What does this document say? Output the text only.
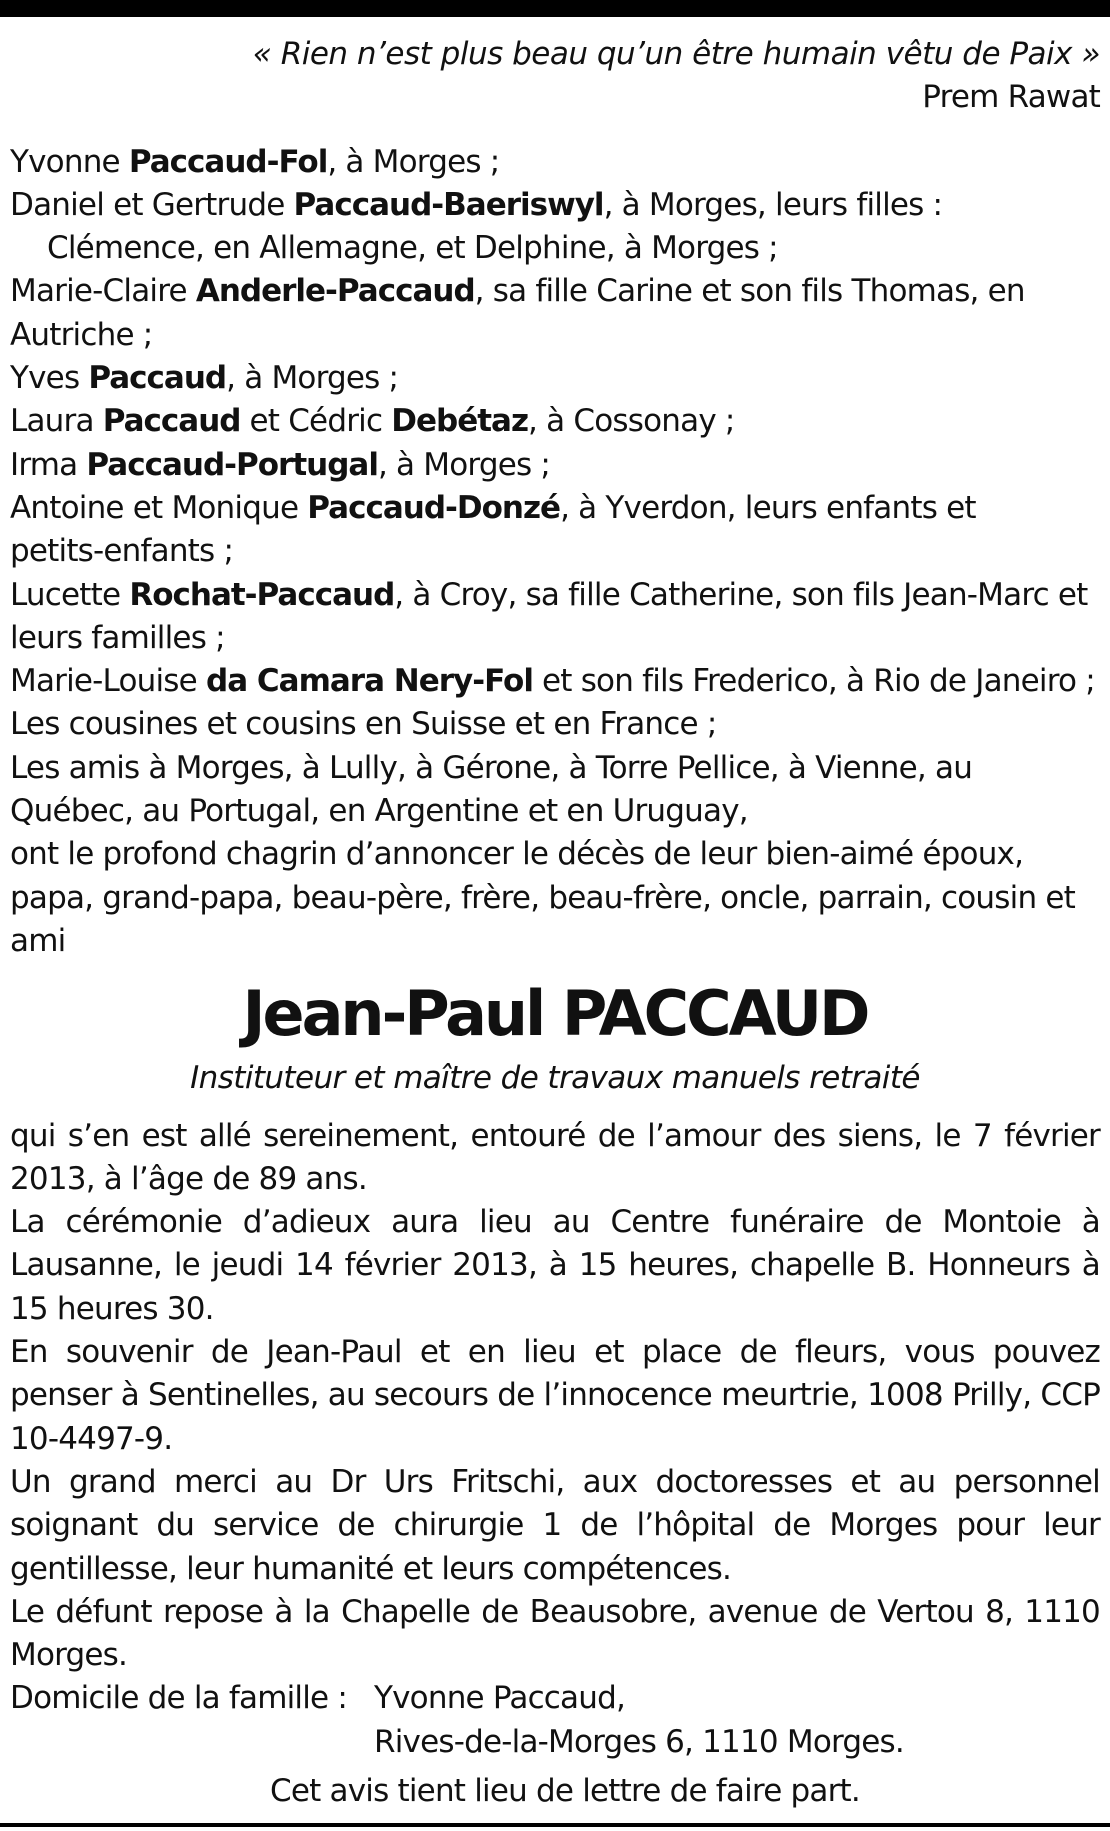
« Rien n’est plus beau qu’un être humain vêtu de Paix »
Prem Rawat
Yvonne Paccaud-Fol, à Morges ;
Daniel et Gertrude Paccaud-Baeriswyl, à Morges, leurs filles :
Clémence, en Allemagne, et Delphine, à Morges ;
Marie-Claire Anderle-Paccaud, sa fille Carine et son fils Thomas, en
Autriche ;
Yves Paccaud, à Morges ;
Laura Paccaud et Cédric Debétaz, à Cossonay ;
Irma Paccaud-Portugal, à Morges ;
Antoine et Monique Paccaud-Donzé, à Yverdon, leurs enfants et
petits-enfants ;
Lucette Rochat-Paccaud, à Croy, sa fille Catherine, son fils Jean-Marc et
leurs familles ;
Marie-Louise da Camara Nery-Fol et son fils Frederico, à Rio de Janeiro ;
Les cousines et cousins en Suisse et en France ;
Les amis à Morges, à Lully, à Gérone, à Torre Pellice, à Vienne, au
Québec, au Portugal, en Argentine et en Uruguay,
ont le profond chagrin d’annoncer le décès de leur bien-aimé époux,
papa, grand-papa, beau-père, frère, beau-frère, oncle, parrain, cousin et
ami
Jean-Paul PACCAUD
Instituteur et maître de travaux manuels retraité
qui s’en est allé sereinement, entouré de l’amour des siens, le 7 février 2013, à l’âge de 89 ans.
La cérémonie d’adieux aura lieu au Centre funéraire de Montoie à Lausanne, le jeudi 14 février 2013, à 15 heures, chapelle B. Honneurs à 15 heures 30.
En souvenir de Jean-Paul et en lieu et place de fleurs, vous pouvez penser à Sentinelles, au secours de l’innocence meurtrie, 1008 Prilly, CCP 10-4497-9.
Un grand merci au Dr Urs Fritschi, aux doctoresses et au personnel soignant du service de chirurgie 1 de l’hôpital de Morges pour leur gentillesse, leur humanité et leurs compétences.
Le défunt repose à la Chapelle de Beausobre, avenue de Vertou 8, 1110 Morges.
Domicile de la famille : Yvonne Paccaud,
Rives-de-la-Morges 6, 1110 Morges.
Cet avis tient lieu de lettre de faire part.
